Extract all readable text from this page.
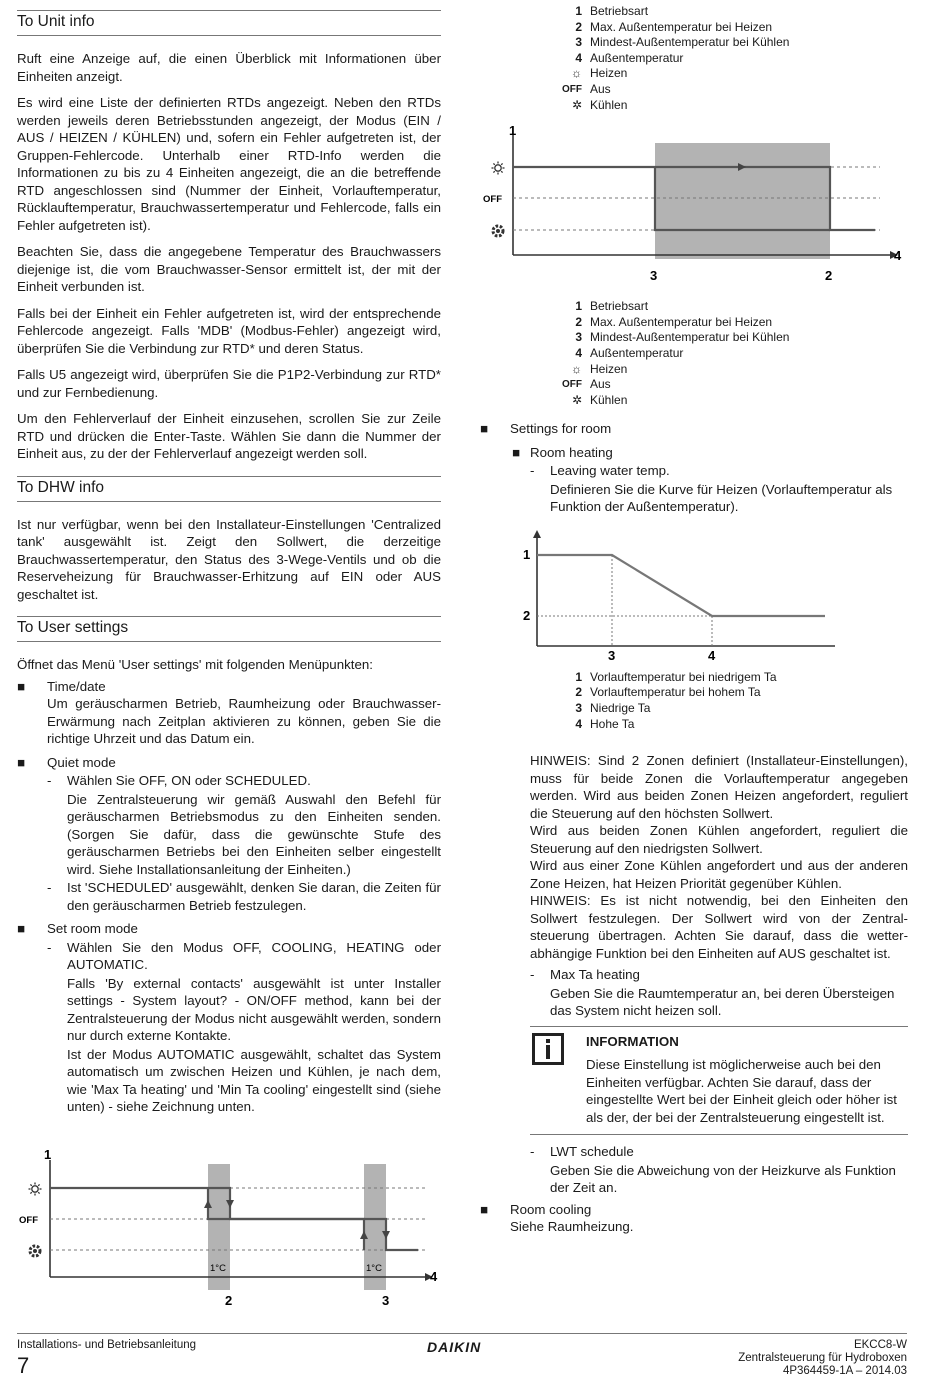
To Unit info

Ruft eine Anzeige auf, die einen Überblick mit Informationen über Einheiten anzeigt.

Es wird eine Liste der definierten RTDs angezeigt. Neben den RTDs werden jeweils deren Betriebsstunden angezeigt, der Modus (EIN / AUS / HEIZEN / KÜHLEN) und, sofern ein Fehler aufgetreten ist, der Gruppen-Fehlercode. Unterhalb einer RTD-Info werden die Informationen zu bis zu 4 Einheiten angezeigt, die an die betreffende RTD angeschlossen sind (Nummer der Einheit, Vorlauftemperatur, Rücklauftemperatur, Brauchwassertemperatur und Fehlercode, falls ein Fehler aufgetreten ist).

Beachten Sie, dass die angegebene Temperatur des Brauchwassers diejenige ist, die vom Brauchwasser-Sensor ermittelt ist, der mit der Einheit verbunden ist.

Falls bei der Einheit ein Fehler aufgetreten ist, wird der entsprechende Fehlercode angezeigt. Falls 'MDB' (Modbus-Fehler) angezeigt wird, überprüfen Sie die Verbindung zur RTD* und deren Status.

Falls U5 angezeigt wird, überprüfen Sie die P1P2-Verbindung zur RTD* und zur Fernbedienung.

Um den Fehlerverlauf der Einheit einzusehen, scrollen Sie zur Zeile RTD und drücken die Enter-Taste. Wählen Sie dann die Nummer der Einheit aus, zu der der Fehlerverlauf angezeigt werden soll.

To DHW info

Ist nur verfügbar, wenn bei den Installateur-Einstellungen 'Centralized tank' ausgewählt ist. Zeigt den Sollwert, die derzeitige Brauchwassertemperatur, den Status des 3-Wege-Ventils und ob die Reserveheizung für Brauchwasser-Erhitzung auf EIN oder AUS geschaltet ist.

To User settings

Öffnet das Menü 'User settings' mit folgenden Menüpunkten:

■ Time/date
Um geräuscharmen Betrieb, Raumheizung oder Brauchwasser-Erwärmung nach Zeitplan aktivieren zu können, geben Sie die richtige Uhrzeit und das Datum ein.
■ Quiet mode
- Wählen Sie OFF, ON oder SCHEDULED.

Die Zentralsteuerung wir gemäß Auswahl den Befehl für geräuscharmen Betriebsmodus zu den Einheiten senden. (Sorgen Sie dafür, dass die gewünschte Stufe des geräuscharmen Betriebs bei den Einheiten selber eingestellt wird. Siehe Installationsanleitung der Einheiten.)

- Ist 'SCHEDULED' ausgewählt, denken Sie daran, die Zeiten für den geräuscharmen Betrieb festzulegen.

■ Set room mode
- Wählen Sie den Modus OFF, COOLING, HEATING oder AUTOMATIC.

Falls 'By external contacts' ausgewählt ist unter Installer settings - System layout? - ON/OFF method, kann bei der Zentralsteuerung der Modus nicht ausgewählt werden, sondern nur durch externe Kontakte.

Ist der Modus AUTOMATIC ausgewählt, schaltet das System automatisch um zwischen Heizen und Kühlen, je nach dem, wie 'Max Ta heating' und 'Min Ta cooling' eingestellt sind (siehe unten) - siehe Zeichnung unten.

1
4
2	3
OFF
1°C	1°C
1 Betriebsart
2 Max. Außentemperatur bei Heizen
3 Mindest-Außentemperatur bei Kühlen
4 Außentemperatur
☼ Heizen
OFF Aus
✲ Kühlen
1
4
3	2
OFF
1 Betriebsart
2 Max. Außentemperatur bei Heizen
3 Mindest-Außentemperatur bei Kühlen
4 Außentemperatur
☼ Heizen
OFF Aus
✲ Kühlen
■ Settings for room
■ Room heating
- Leaving water temp.

Definieren Sie die Kurve für Heizen (Vorlauftemperatur als Funktion der Außentemperatur).

1
2
3	4
1 Vorlauftemperatur bei niedrigem Ta
2 Vorlauftemperatur bei hohem Ta
3 Niedrige Ta
4 Hohe Ta
HINWEIS: Sind 2 Zonen definiert (Installateur-Einstellungen), muss für beide Zonen die Vorlauftemperatur angegeben werden. Wird aus beiden Zonen Heizen angefordert, reguliert die Steuerung auf den höchsten Sollwert.
Wird aus beiden Zonen Kühlen angefordert, reguliert die Steuerung auf den niedrigsten Sollwert.
Wird aus einer Zone Kühlen angefordert und aus der anderen Zone Heizen, hat Heizen Priorität gegenüber Kühlen.
HINWEIS: Es ist nicht notwendig, bei den Einheiten den Sollwert festzulegen. Der Sollwert wird von der Zentral-steuerung übertragen. Achten Sie darauf, dass die wetter-abhängige Funktion bei den Einheiten auf AUS geschaltet ist.
- Max Ta heating

Geben Sie die Raumtemperatur an, bei deren Übersteigen das System nicht heizen soll.

INFORMATION
Diese Einstellung ist möglicherweise auch bei den Einheiten verfügbar. Achten Sie darauf, dass der eingestellte Wert bei der Einheit gleich oder höher ist als der, der bei der Zentralsteuerung eingestellt ist.
- LWT schedule

Geben Sie die Abweichung von der Heizkurve als Funktion der Zeit an.

■ Room cooling
Siehe Raumheizung.
Installations- und Betriebsanleitung
7
DAIKIN	EKCC8-W
Zentralsteuerung für Hydroboxen
4P364459-1A – 2014.03
